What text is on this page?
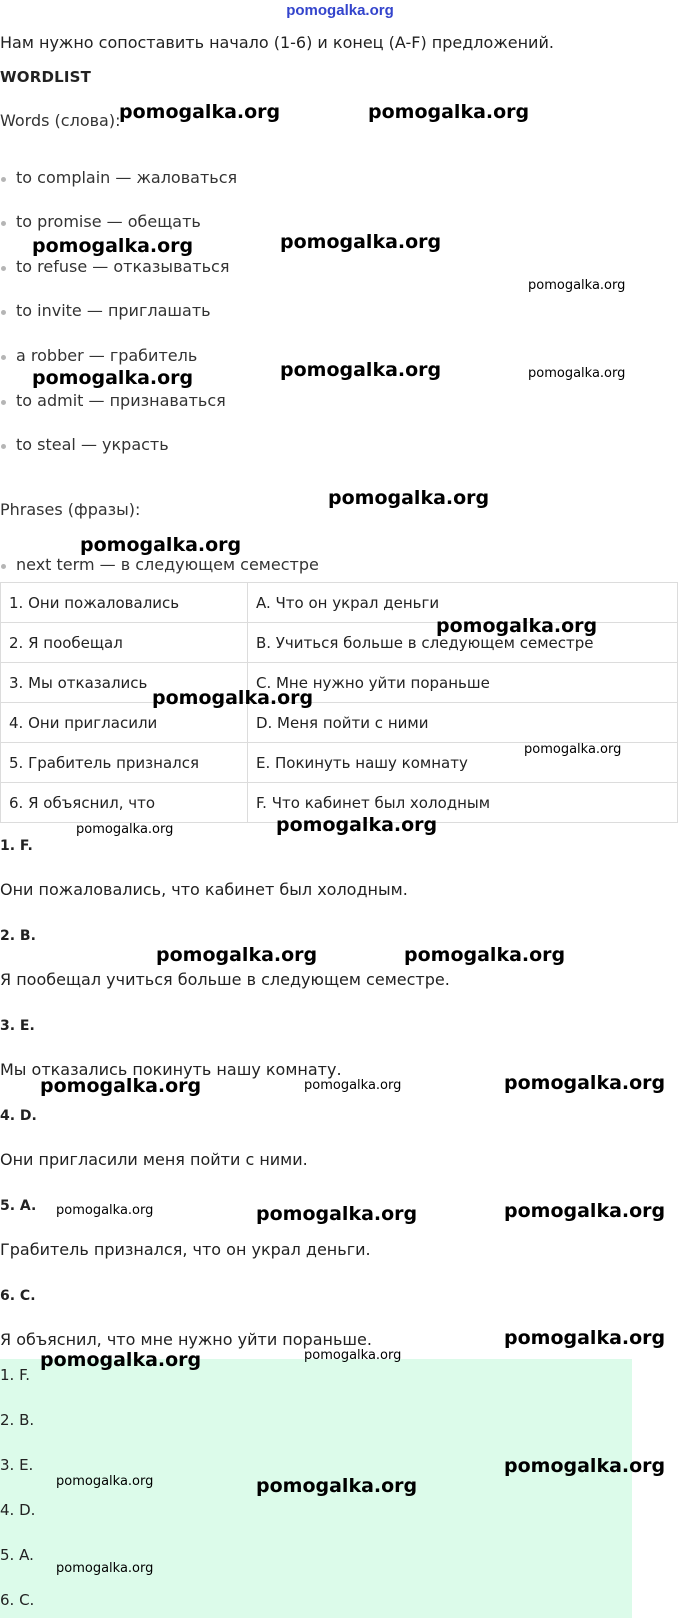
pomogalka.org
Нам нужно сопоставить начало (1-6) и конец (A-F) предложений.
WORDLIST
Words (слова):
to complain — жаловаться
to promise — обещать
to refuse — отказываться
to invite — приглашать
a robber — грабитель
to admit — признаваться
to steal — украсть
Phrases (фразы):
next term — в следующем семестре
1. Они пожаловались	A. Что он украл деньги
2. Я пообещал	B. Учиться больше в следующем семестре
3. Мы отказались	C. Мне нужно уйти пораньше
4. Они пригласили	D. Меня пойти с ними
5. Грабитель признался	E. Покинуть нашу комнату
6. Я объяснил, что	F. Что кабинет был холодным
1. F.
Они пожаловались, что кабинет был холодным.
2. B.
Я пообещал учиться больше в следующем семестре.
3. E.
Мы отказались покинуть нашу комнату.
4. D.
Они пригласили меня пойти с ними.
5. A.
Грабитель признался, что он украл деньги.
6. C.
Я объяснил, что мне нужно уйти пораньше.
1. F.
2. B.
3. E.
4. D.
5. A.
6. C.
pomogalka.org	pomogalka.org
pomogalka.org	pomogalka.org
pomogalka.org
pomogalka.org	pomogalka.org	pomogalka.org
pomogalka.org
pomogalka.org
pomogalka.org
pomogalka.org
pomogalka.org
pomogalka.org
pomogalka.org
pomogalka.org	pomogalka.org
pomogalka.org	pomogalka.org	pomogalka.org
pomogalka.org	pomogalka.org	pomogalka.org
pomogalka.org
pomogalka.org	pomogalka.org
pomogalka.org
pomogalka.org	pomogalka.org
pomogalka.org
